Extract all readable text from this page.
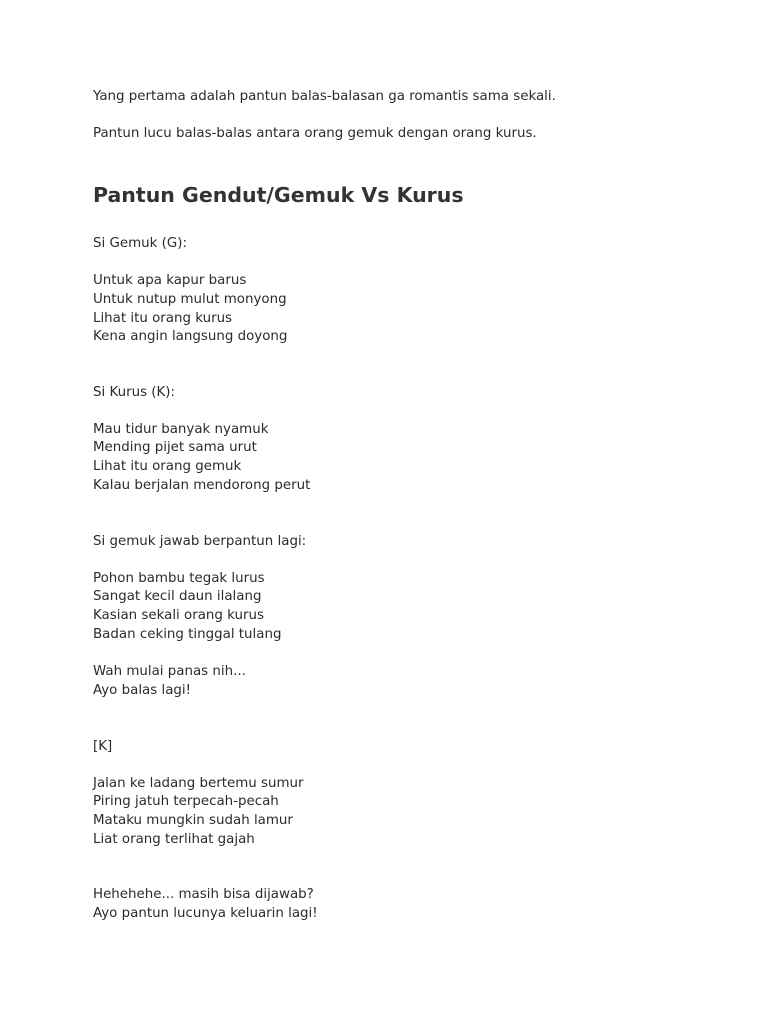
Yang pertama adalah pantun balas-balasan ga romantis sama sekali.
Pantun lucu balas-balas antara orang gemuk dengan orang kurus.
Pantun Gendut/Gemuk Vs Kurus
Si Gemuk (G):
Untuk apa kapur barus
Untuk nutup mulut monyong
Lihat itu orang kurus
Kena angin langsung doyong
Si Kurus (K):
Mau tidur banyak nyamuk
Mending pijet sama urut
Lihat itu orang gemuk
Kalau berjalan mendorong perut
Si gemuk jawab berpantun lagi:
Pohon bambu tegak lurus
Sangat kecil daun ilalang
Kasian sekali orang kurus
Badan ceking tinggal tulang
Wah mulai panas nih...
Ayo balas lagi!
[K]
Jalan ke ladang bertemu sumur
Piring jatuh terpecah-pecah
Mataku mungkin sudah lamur
Liat orang terlihat gajah
Hehehehe... masih bisa dijawab?
Ayo pantun lucunya keluarin lagi!
